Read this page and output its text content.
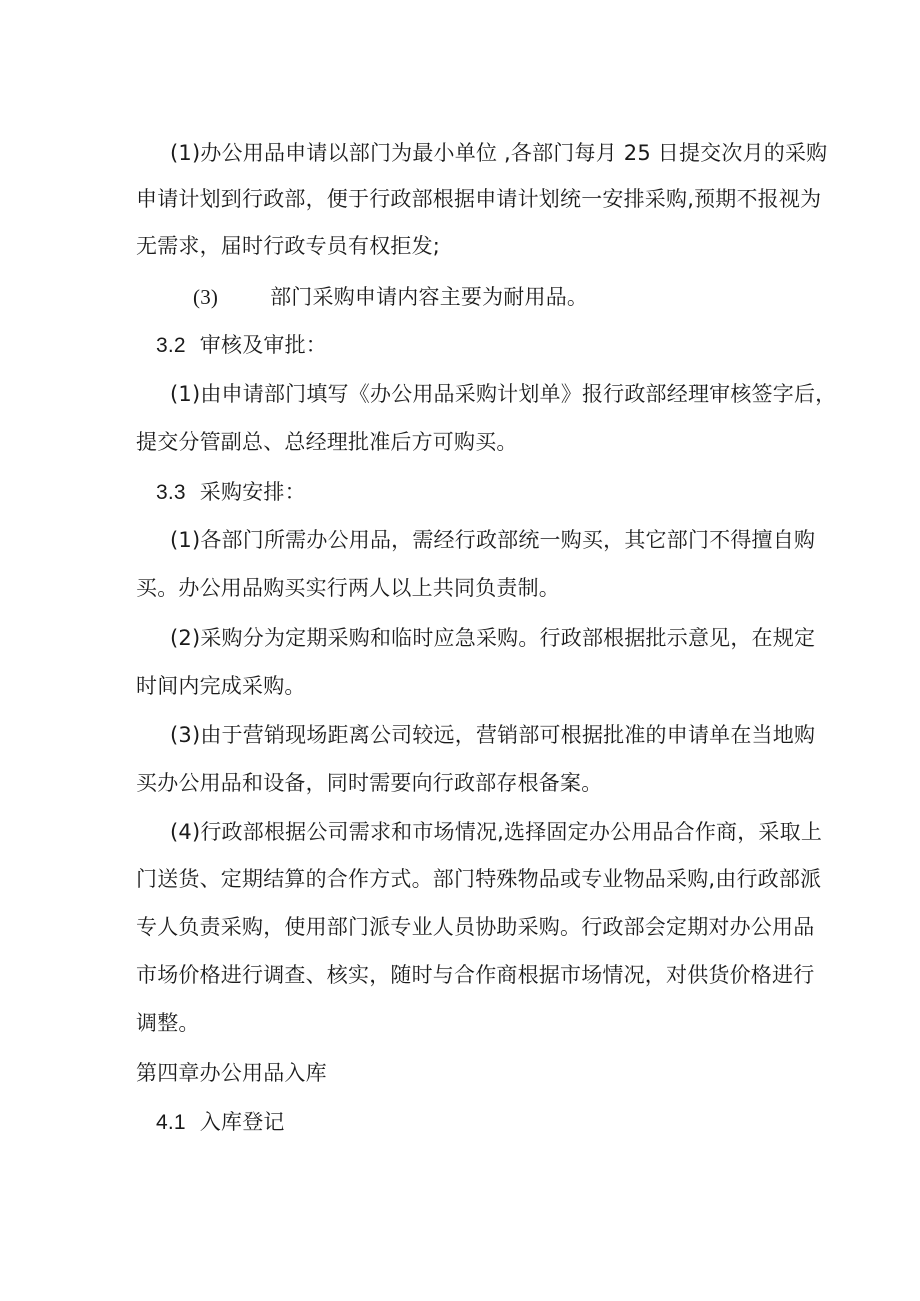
(1)办公用品申请以部门为最小单位 ,各部门每月 25 日提交次月的采购
申请计划到行政部，便于行政部根据申请计划统一安排采购,预期不报视为
无需求，届时行政专员有权拒发;
(3) 部门采购申请内容主要为耐用品。
3.2 审核及审批：
(1)由申请部门填写《办公用品采购计划单》报行政部经理审核签字后，
提交分管副总、总经理批准后方可购买。
3.3 采购安排：
(1)各部门所需办公用品，需经行政部统一购买，其它部门不得擅自购
买。办公用品购买实行两人以上共同负责制。
(2)采购分为定期采购和临时应急采购。行政部根据批示意见，在规定
时间内完成采购。
(3)由于营销现场距离公司较远，营销部可根据批准的申请单在当地购
买办公用品和设备，同时需要向行政部存根备案。
(4)行政部根据公司需求和市场情况,选择固定办公用品合作商，采取上
门送货、定期结算的合作方式。部门特殊物品或专业物品采购,由行政部派
专人负责采购，使用部门派专业人员协助采购。行政部会定期对办公用品
市场价格进行调查、核实，随时与合作商根据市场情况，对供货价格进行
调整。
第四章办公用品入库
4.1 入库登记
